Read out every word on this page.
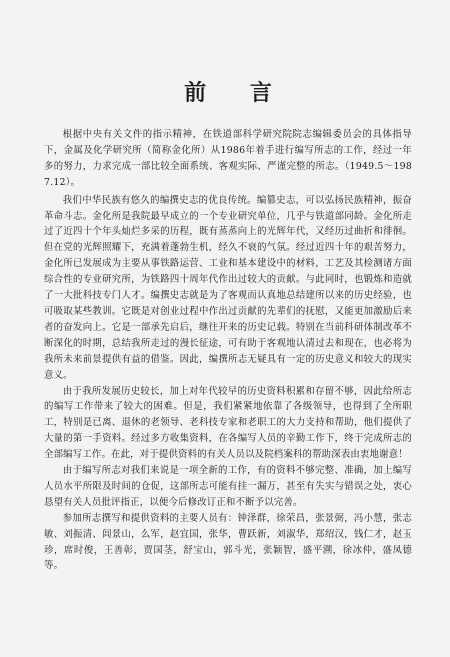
前 言

根据中央有关文件的指示精神，在铁道部科学研究院院志编辑委员会的具体指导下，金属及化学研究所（简称金化所）从1986年着手进行编写所志的工作，经过一年多的努力，力求完成一部比较全面系统、客观实际、严谨完整的所志。（1949.5～1987.12）。

我们中华民族有悠久的编撰史志的优良传统。编篡史志，可以弘扬民族精神，振奋革命斗志。金化所是我院最早成立的一个专业研究单位，几乎与铁道部同龄。金化所走过了近四十个年头灿烂多采的历程，既有蒸蒸向上的光辉年代，又经历过曲折和徘徊。但在党的光辉照耀下，充满着蓬勃生机，经久不衰的气氛。经过近四十年的艰苦努力，金化所已发展成为主要从事铁路运营、工业和基本建设中的材料，工艺及其检测诸方面综合性的专业研究所，为铁路四十周年代作出过较大的贡献。与此同时，也锻炼和造就了一大批科技专门人才。编撰史志就是为了客观而认真地总结建所以来的历史经验，也可吸取某些教训。它既是对创业过程中作出过贡献的先辈们的抚慰，又能更加激励后来者的奋发向上。它是一部承先启后，继往开来的历史记载。特别在当前科研体制改革不断深化的时期，总结我所走过的漫长征途，可有助于客观地认清过去和现在，也必将为我所未来前景提供有益的借鉴。因此，编撰所志无疑具有一定的历史意义和较大的现实意义。

由于我所发展历史较长，加上对年代较早的历史资料积累和存留不够，因此给所志的编写工作带来了较大的困难。但是，我们紧紧地依靠了各级领导，也得到了全所职工，特别是已离、退休的老领导、老科技专家和老职工的大力支持和帮助，他们提供了大量的第一手资料。经过多方收集资料，在各编写人员的辛勤工作下，终于完成所志的全部编写工作。在此，对于提供资料的有关人员以及院档案科的帮助深表由衷地谢意！

由于编写所志对我们来说是一项全新的工作，有的资料不够完整、准确，加上编写人员水平所限及时间的仓促，这部所志可能有挂一漏万，甚至有失实与错误之处，衷心恳望有关人员批评指正，以便今后修改订正和不断予以完善。

参加所志撰写和提供资料的主要人员有：钟泽群，徐荣昌，张景弼，冯小慧，张志敏、刘振清、闾景山，么军，赵宜国，张华，曹跃新，刘淑华，郑绍汉，钱仁才，赵玉珍，席时俊，王善彰，贾国茎，舒宝山，郭斗光，张颖智，盛平溯，徐冰仲，盛凤德等。
